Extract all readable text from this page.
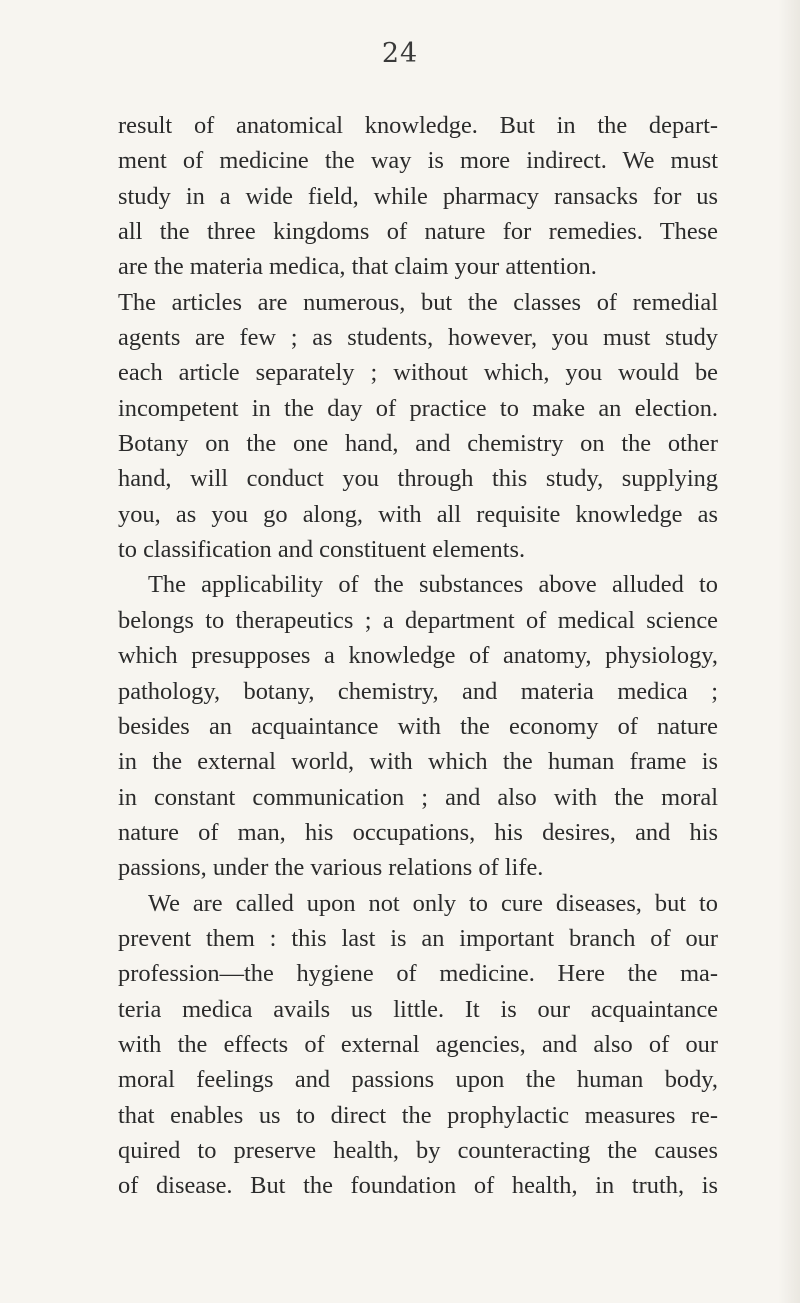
24
result of anatomical knowledge. But in the depart-
ment of medicine the way is more indirect. We must
study in a wide field, while pharmacy ransacks for us
all the three kingdoms of nature for remedies. These
are the materia medica, that claim your attention.
The articles are numerous, but the classes of remedial
agents are few ; as students, however, you must study
each article separately ; without which, you would be
incompetent in the day of practice to make an election.
Botany on the one hand, and chemistry on the other
hand, will conduct you through this study, supplying
you, as you go along, with all requisite knowledge as
to classification and constituent elements.
The applicability of the substances above alluded to
belongs to therapeutics ; a department of medical science
which presupposes a knowledge of anatomy, physiology,
pathology, botany, chemistry, and materia medica ;
besides an acquaintance with the economy of nature
in the external world, with which the human frame is
in constant communication ; and also with the moral
nature of man, his occupations, his desires, and his
passions, under the various relations of life.
We are called upon not only to cure diseases, but to
prevent them : this last is an important branch of our
profession—the hygiene of medicine. Here the ma-
teria medica avails us little. It is our acquaintance
with the effects of external agencies, and also of our
moral feelings and passions upon the human body,
that enables us to direct the prophylactic measures re-
quired to preserve health, by counteracting the causes
of disease. But the foundation of health, in truth, is
